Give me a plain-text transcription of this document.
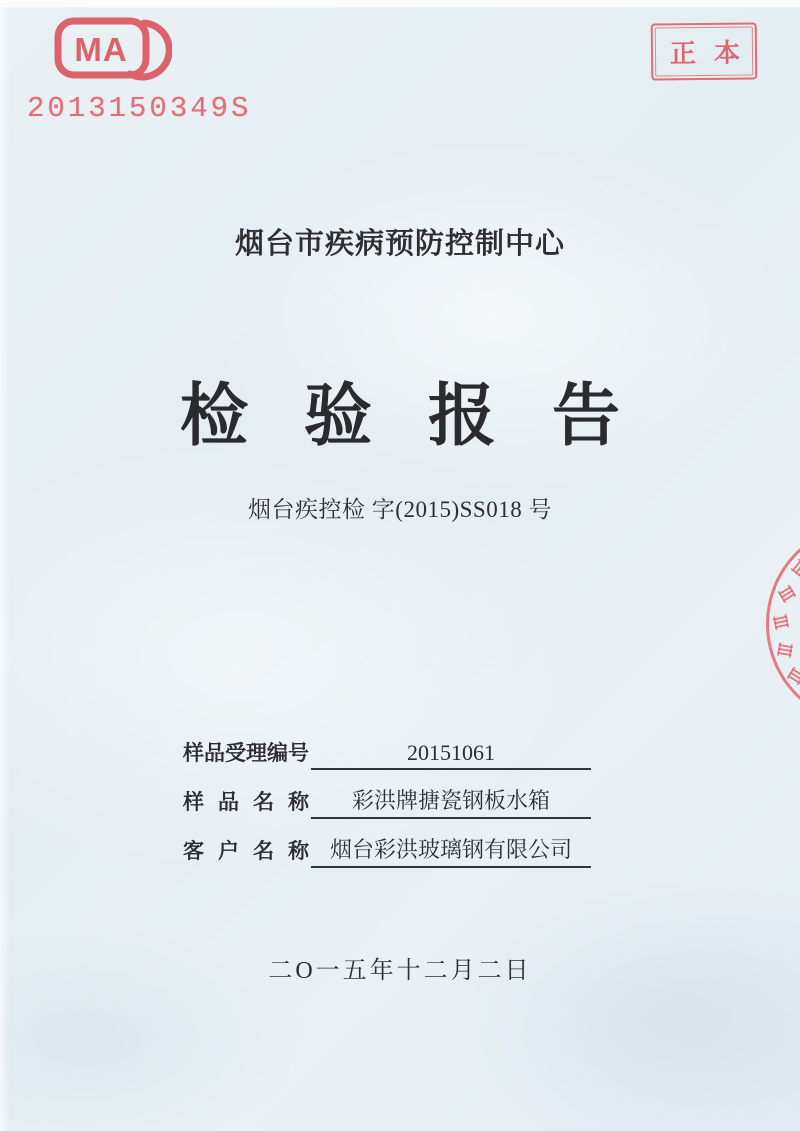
MA
2013150349S
正本
烟台市疾病预防控制中心
检 验 报 告
烟台疾控检 字(2015)SS018 号
样品受理编号	20151061
样品名称	彩洪牌搪瓷钢板水箱
客户名称 烟台彩洪玻璃钢有限公司
二O一五年十二月二日
